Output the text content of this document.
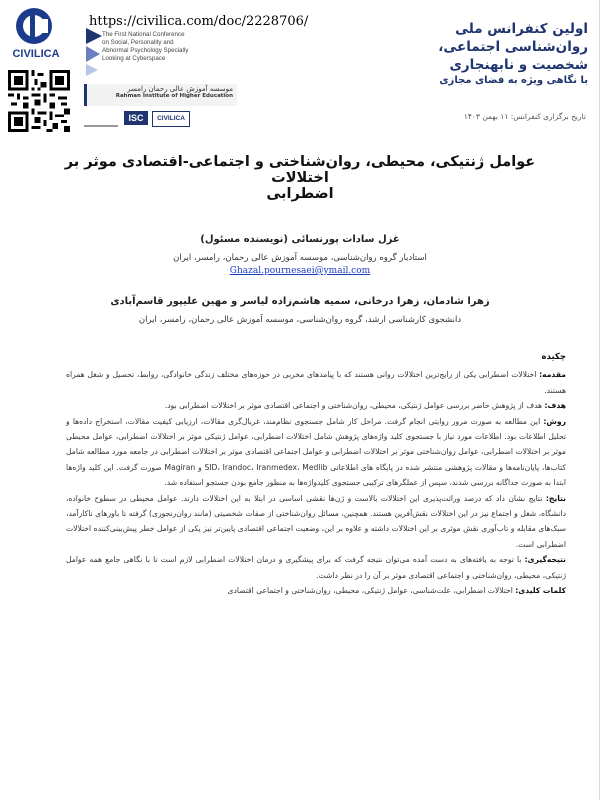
CIVILICA
https://civilica.com/doc/2228706/
The First National Conference
on Social, Personality and
Abnormal Psychology Specially
Looking at Cyberspace
موسسه آموزش عالی رحمان رامسر
Rahman Institute of Higher Education
ISC	CIVILICA
اولین کنفرانس ملی
روان‌شناسی اجتماعی،
شخصیت و نابهنجاری
با نگاهی ویژه به فضای مجازی
تاریخ برگزاری کنفرانس: ۱۱ بهمن ۱۴۰۳
عوامل ژنتیکی، محیطی، روان‌شناختی و اجتماعی-اقتصادی موثر بر اختلالات
اضطرابی
غزل سادات پورنسائی (نویسنده مسئول)
استادیار گروه روان‌شناسی، موسسه آموزش عالی رحمان، رامسر، ایران
Ghazal.pournesaei@ymail.com
زهرا شادمان، زهرا درخانی، سمیه هاشم‌زاده لیاسر و مهین علیپور قاسم‌آبادی
دانشجوی کارشناسی ارشد، گروه روان‌شناسی، موسسه آموزش عالی رحمان، رامسر، ایران

چکیده

مقدمه: اختلالات اضطرابی یکی از رایج‌ترین اختلالات روانی هستند که با پیامدهای مخربی در حوزه‌های مختلف زندگی خانوادگی، روابط، تحصیل و شغل همراه هستند.

هدف: هدف از پژوهش حاضر بررسی عوامل ژنتیکی، محیطی، روان‌شناختی و اجتماعی اقتصادی موثر بر اختلالات اضطرابی بود.

روش: این مطالعه به صورت مرور روایتی انجام گرفت. مراحل کار شامل جستجوی نظام‌مند، غربال‌گری مقالات، ارزیابی کیفیت مقالات، استخراج داده‌ها و تحلیل اطلاعات بود. اطلاعات مورد نیاز با جستجوی کلید واژه‌های پژوهش شامل اختلالات اضطرابی، عوامل ژنتیکی موثر بر اختلالات اضطرابی، عوامل محیطی موثر بر اختلالات اضطرابی، عوامل روان‌شناختی موثر بر اختلالات اضطرابی و عوامل اجتماعی اقتصادی موثر بر اختلالات اضطرابی در جامعه مورد مطالعه شامل کتاب‌ها، پایان‌نامه‌ها و مقالات پژوهشی منتشر شده در پایگاه های اطلاعاتی SID، Irandoc، Iranmedex، Medlib و Magiran صورت گرفت. این کلید واژه‌ها ابتدا به صورت جداگانه بررسی شدند، سپس از عملگرهای ترکیبی جستجوی کلیدواژه‌ها به منظور جامع بودن جستجو استفاده شد.

نتایج: نتایج نشان داد که درصد وراثت‌پذیری این اختلالات بالاست و ژن‌ها نقشی اساسی در ابتلا به این اختلالات دارند. عوامل محیطی در سطوح خانواده، دانشگاه، شغل و اجتماع نیز در این اختلالات نقش‌آفرین هستند. همچنین، مسائل روان‌شناختی از صفات شخصیتی (مانند روان‌رنجوری) گرفته تا باورهای ناکارآمد، سبک‌های مقابله و تاب‌آوری نقش موثری بر این اختلالات داشته و علاوه بر این، وضعیت اجتماعی اقتصادی پایین‌تر نیز یکی از عوامل خطر پیش‌بینی‌کننده اختلالات اضطرابی است.

نتیجه‌گیری: با توجه به یافته‌های به دست آمده می‌توان نتیجه گرفت که برای پیشگیری و درمان اختلالات اضطرابی لازم است تا با نگاهی جامع همه عوامل ژنتیکی، محیطی، روان‌شناختی و اجتماعی اقتصادی موثر بر آن را در نظر داشت.

کلمات کلیدی: اختلالات اضطرابی، علت‌شناسی، عوامل ژنتیکی، محیطی، روان‌شناختی و اجتماعی اقتصادی
